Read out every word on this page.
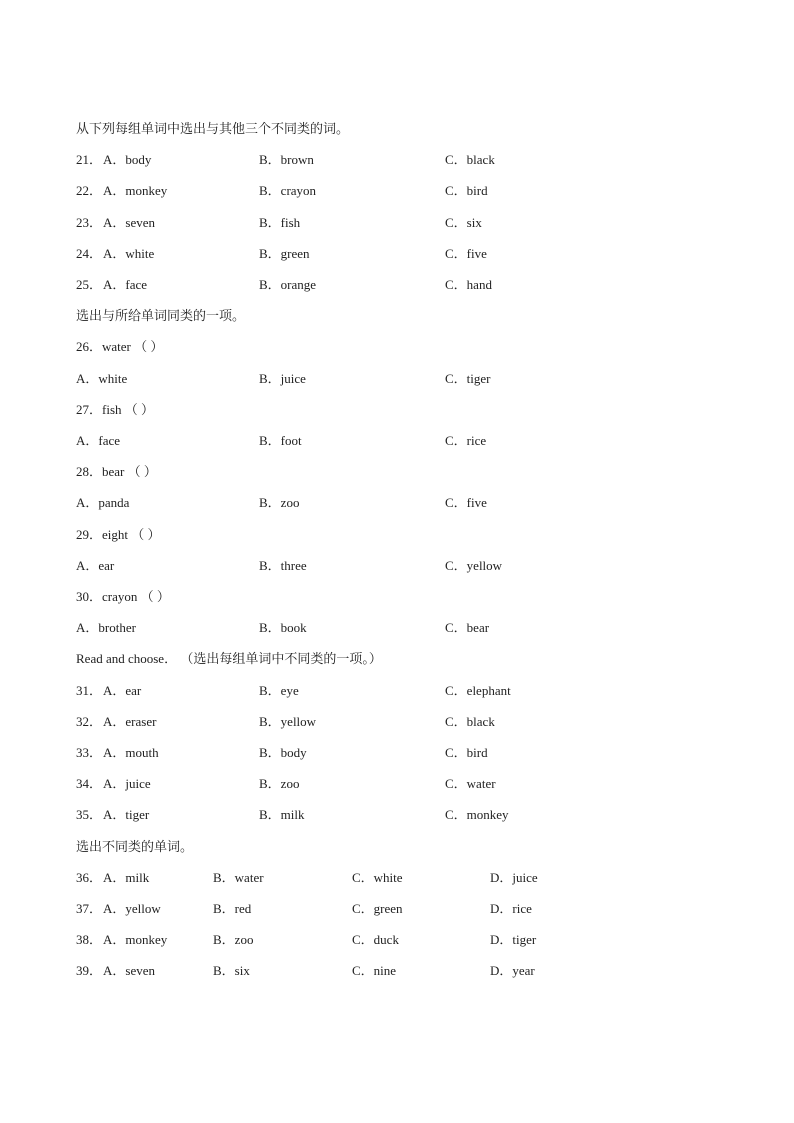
从下列每组单词中选出与其他三个不同类的词。
21． A．body	B．brown	C．black
22． A．monkey	B．crayon	C．bird
23． A．seven	B．fish	C．six
24． A．white	B．green	C．five
25． A．face	B．orange	C．hand
选出与所给单词同类的一项。
26．water （ ）
A．white	B．juice	C．tiger
27．fish （ ）
A．face	B．foot	C．rice
28．bear （ ）
A．panda	B．zoo	C．five
29．eight （ ）
A．ear	B．three	C．yellow
30．crayon （ ）
A．brother	B．book	C．bear
Read and choose． （选出每组单词中不同类的一项。）
31． A．ear	B．eye	C．elephant
32． A．eraser	B．yellow	C．black
33． A．mouth	B．body	C．bird
34． A．juice	B．zoo	C．water
35． A．tiger	B．milk	C．monkey
选出不同类的单词。
36． A．milk	B．water	C．white	D．juice
37． A．yellow	B．red	C．green	D．rice
38． A．monkey	B．zoo	C．duck	D．tiger
39． A．seven	B．six	C．nine	D．year
